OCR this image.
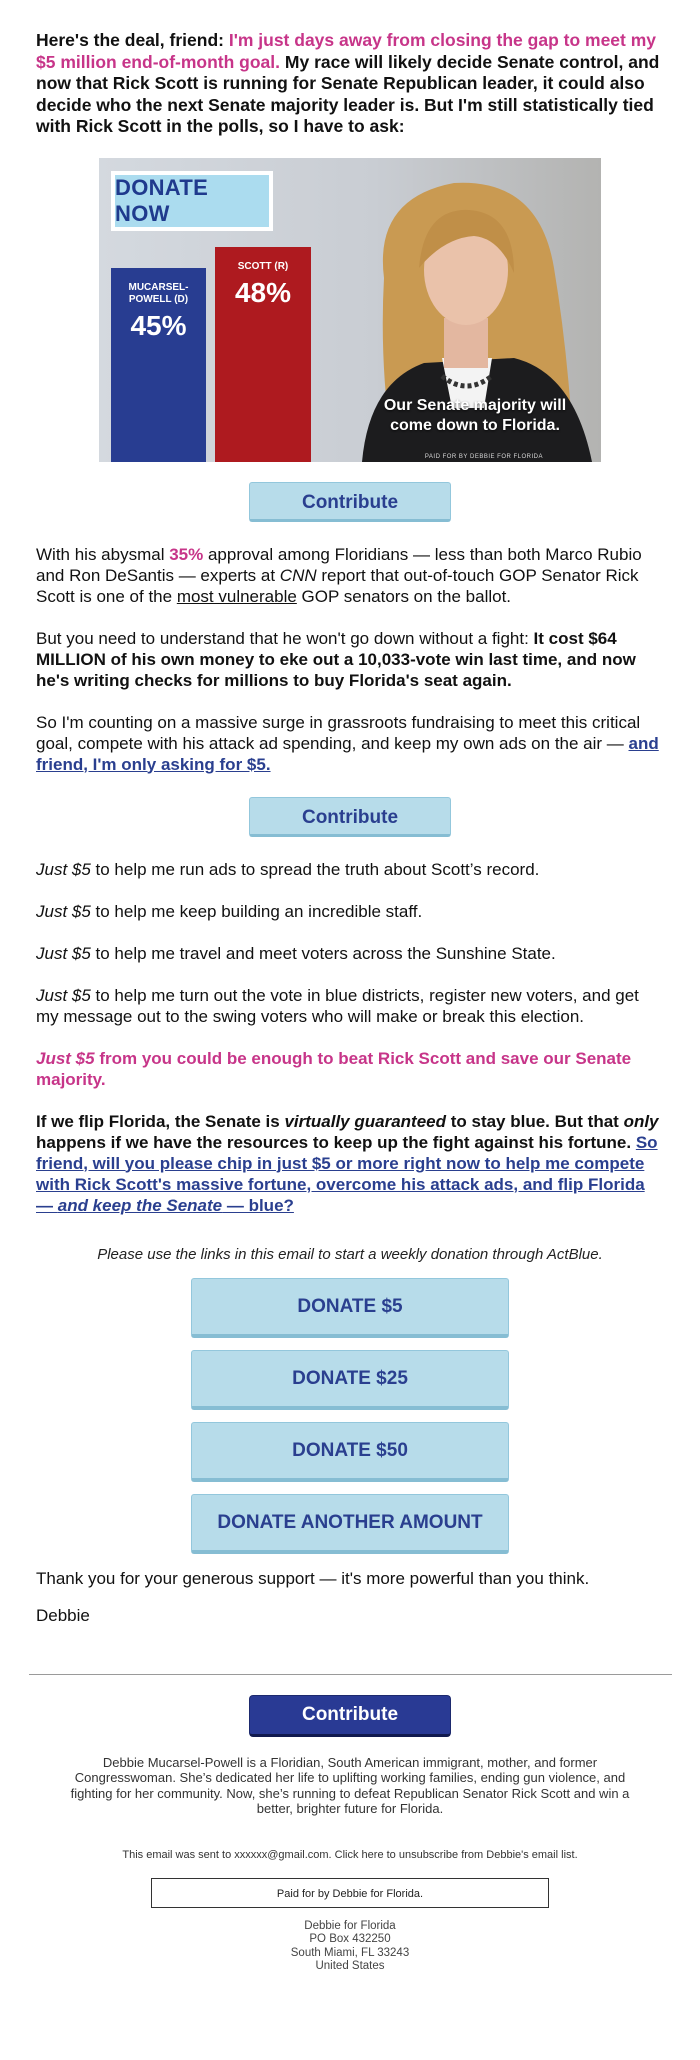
Here's the deal, friend: I'm just days away from closing the gap to meet my $5 million end-of-month goal. My race will likely decide Senate control, and now that Rick Scott is running for Senate Republican leader, it could also decide who the next Senate majority leader is. But I'm still statistically tied with Rick Scott in the polls, so I have to ask:

DONATE NOW
MUCARSEL-
POWELL (D)
45%
SCOTT (R)
48%
Our Senate majority will come down to Florida.
PAID FOR BY DEBBIE FOR FLORIDA
Contribute

With his abysmal 35% approval among Floridians — less than both Marco Rubio and Ron DeSantis — experts at CNN report that out-of-touch GOP Senator Rick Scott is one of the most vulnerable GOP senators on the ballot.

But you need to understand that he won't go down without a fight: It cost $64 MILLION of his own money to eke out a 10,033-vote win last time, and now he's writing checks for millions to buy Florida's seat again.

So I'm counting on a massive surge in grassroots fundraising to meet this critical goal, compete with his attack ad spending, and keep my own ads on the air — and friend, I'm only asking for $5.

Contribute

Just $5 to help me run ads to spread the truth about Scott’s record.

Just $5 to help me keep building an incredible staff.

Just $5 to help me travel and meet voters across the Sunshine State.

Just $5 to help me turn out the vote in blue districts, register new voters, and get my message out to the swing voters who will make or break this election.

Just $5 from you could be enough to beat Rick Scott and save our Senate majority.

If we flip Florida, the Senate is virtually guaranteed to stay blue. But that only happens if we have the resources to keep up the fight against his fortune. So friend, will you please chip in just $5 or more right now to help me compete with Rick Scott's massive fortune, overcome his attack ads, and flip Florida — and keep the Senate — blue?

Please use the links in this email to start a weekly donation through ActBlue.

DONATE $5
DONATE $25
DONATE $50
DONATE ANOTHER AMOUNT

Thank you for your generous support — it's more powerful than you think.

Debbie

Contribute

Debbie Mucarsel-Powell is a Floridian, South American immigrant, mother, and former Congresswoman. She’s dedicated her life to uplifting working families, ending gun violence, and fighting for her community. Now, she’s running to defeat Republican Senator Rick Scott and win a better, brighter future for Florida.

This email was sent to xxxxxx@gmail.com. Click here to unsubscribe from Debbie's email list.

Paid for by Debbie for Florida.
Debbie for Florida
PO Box 432250
South Miami, FL 33243
United States
